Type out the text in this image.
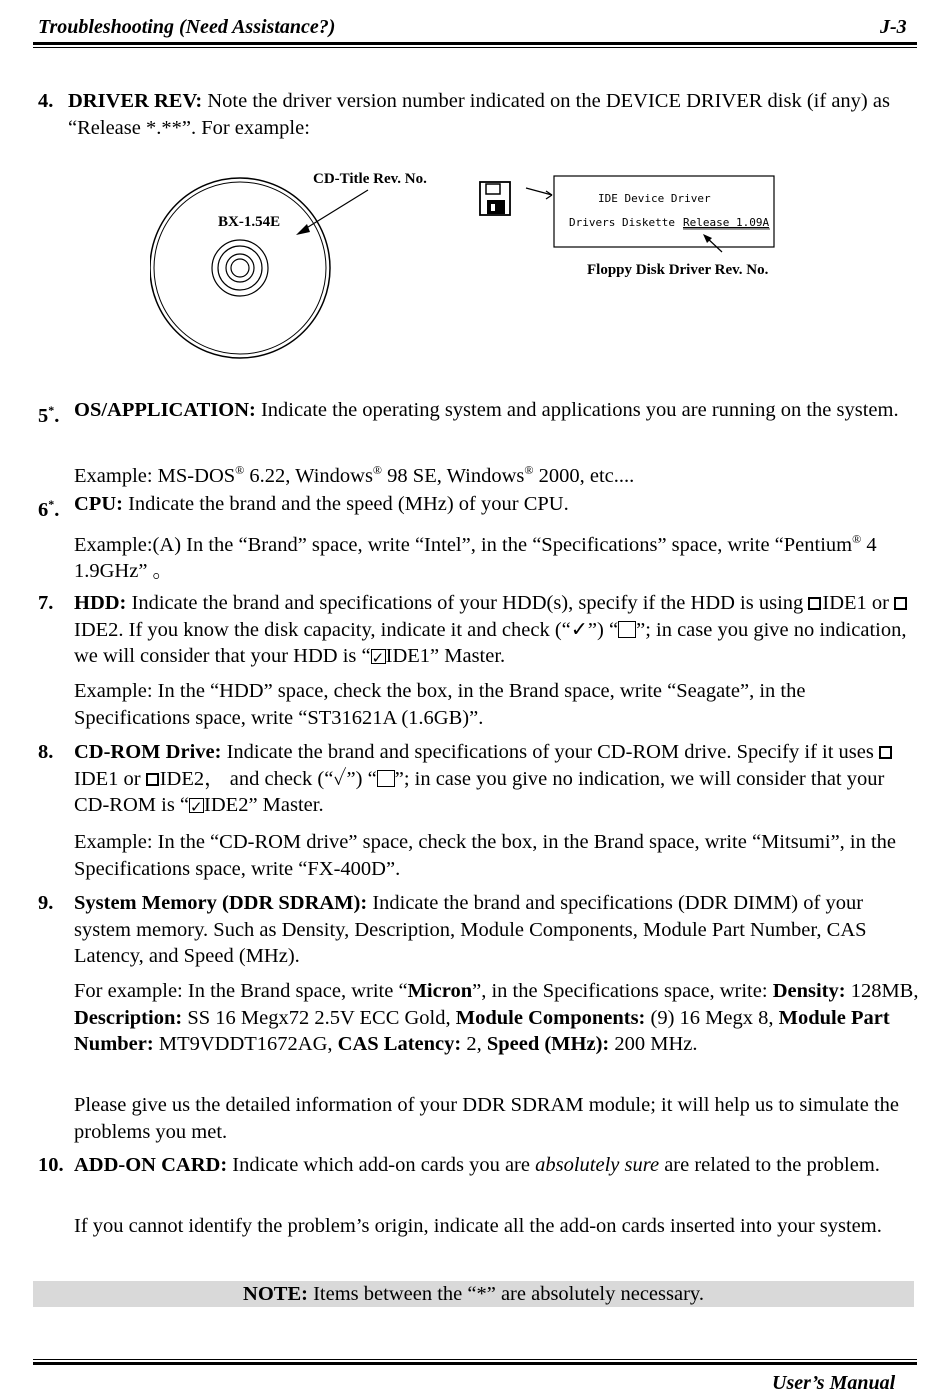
Troubleshooting (Need Assistance?)	J-3
4. DRIVER REV: Note the driver version number indicated on the DEVICE DRIVER disk (if any) as “Release *.**”. For example:
BX-1.54E
CD-Title Rev. No.
IDE Device Driver
Drivers Diskette Release 1.09A
Floppy Disk Driver Rev. No.
5*. OS/APPLICATION: Indicate the operating system and applications you are running on the system.
Example: MS-DOS® 6.22, Windows® 98 SE, Windows® 2000, etc....
6*. CPU: Indicate the brand and the speed (MHz) of your CPU.
Example:(A) In the “Brand” space, write “Intel”, in the “Specifications” space, write “Pentium® 4 1.9GHz” 。
7. HDD: Indicate the brand and specifications of your HDD(s), specify if the HDD is using IDE1 or IDE2. If you know the disk capacity, indicate it and check (“✓”) “ ”; in case you give no indication, we will consider that your HDD is “ ✓ IDE1” Master.
Example: In the “HDD” space, check the box, in the Brand space, write “Seagate”, in the Specifications space, write “ST31621A (1.6GB)”.
8. CD-ROM Drive: Indicate the brand and specifications of your CD-ROM drive. Specify if it uses  IDE1 or IDE2， and check (“✓”) “ ”; in case you give no indication, we will consider that your CD-ROM is “ ✓ IDE2” Master.
Example: In the “CD-ROM drive” space, check the box, in the Brand space, write “Mitsumi”, in the Specifications space, write “FX-400D”.
9. System Memory (DDR SDRAM): Indicate the brand and specifications (DDR DIMM) of your system memory. Such as Density, Description, Module Components, Module Part Number, CAS Latency, and Speed (MHz).
For example: In the Brand space, write “Micron”, in the Specifications space, write: Density: 128MB, Description: SS 16 Megx72 2.5V ECC Gold, Module Components: (9) 16 Megx 8, Module Part Number: MT9VDDT1672AG, CAS Latency: 2, Speed (MHz): 200 MHz.
Please give us the detailed information of your DDR SDRAM module; it will help us to simulate the problems you met.
10. ADD-ON CARD: Indicate which add-on cards you are absolutely sure are related to the problem.
If you cannot identify the problem’s origin, indicate all the add-on cards inserted into your system.
NOTE: Items between the “*” are absolutely necessary.
User’s Manual
